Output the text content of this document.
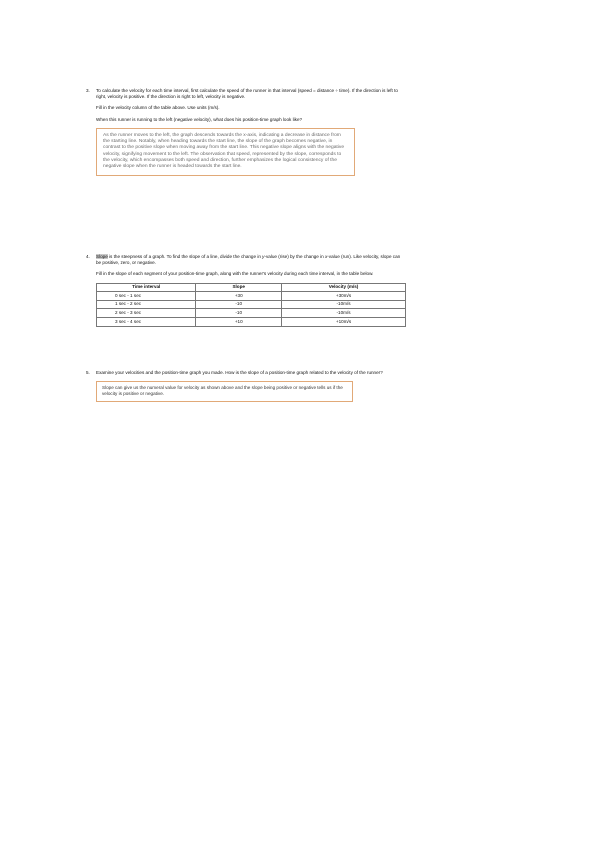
3. To calculate the velocity for each time interval, first calculate the speed of the runner in that interval (speed = distance ÷ time). If the direction is left to right, velocity is positive. If the direction is right to left, velocity is negative.

Fill in the velocity column of the table above. Use units (m/s).

When this runner is running to the left (negative velocity), what does his position-time graph look like?

As the runner moves to the left, the graph descends towards the x-axis, indicating a decrease in distance from the starting line. Notably, when heading towards the start line, the slope of the graph becomes negative, in contrast to the positive slope when moving away from the start line. This negative slope aligns with the negative velocity, signifying movement to the left. The observation that speed, represented by the slope, corresponds to the velocity, which encompasses both speed and direction, further emphasizes the logical consistency of the negative slope when the runner is headed towards the start line.
4. Slope is the steepness of a graph. To find the slope of a line, divide the change in y-value (rise) by the change in x-value (run). Like velocity, slope can be positive, zero, or negative.

Fill in the slope of each segment of your position-time graph, along with the runner's velocity during each time interval, in the table below.

Time interval	Slope	Velocity (m/s)
0 sec - 1 sec	+30	+30m/s
1 sec - 2 sec	-10	-10m/s
2 sec - 3 sec	-10	-10m/s
3 sec - 4 sec	+10	+10m/s
5. Examine your velocities and the position-time graph you made. How is the slope of a position-time graph related to the velocity of the runner?

Slope can give us the numeral value for velocity as shown above and the slope being positive or negative tells us if the velocity is positive or negative.
